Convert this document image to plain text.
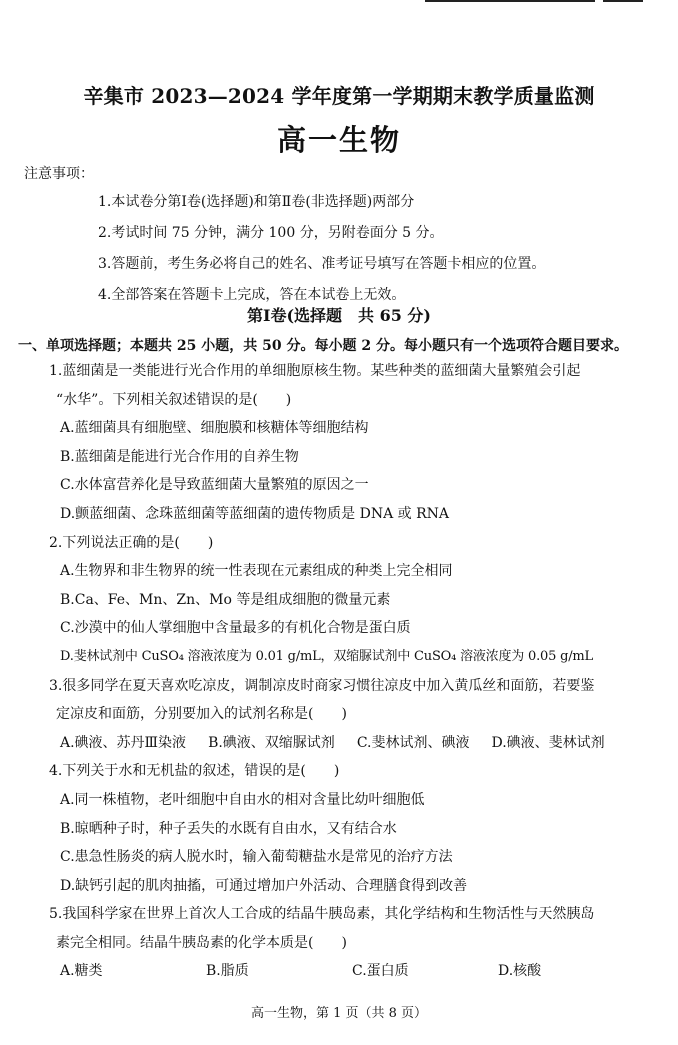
辛集市 2023—2024 学年度第一学期期末教学质量监测
高一生物
注意事项：
1.本试卷分第Ⅰ卷(选择题)和第Ⅱ卷(非选择题)两部分
2.考试时间 75 分钟，满分 100 分，另附卷面分 5 分。
3.答题前，考生务必将自己的姓名、准考证号填写在答题卡相应的位置。
4.全部答案在答题卡上完成，答在本试卷上无效。
第Ⅰ卷(选择题　共 65 分)
一、单项选择题；本题共 25 小题，共 50 分。每小题 2 分。每小题只有一个选项符合题目要求。
1.蓝细菌是一类能进行光合作用的单细胞原核生物。某些种类的蓝细菌大量繁殖会引起
“水华”。下列相关叙述错误的是(　　)
A.蓝细菌具有细胞壁、细胞膜和核糖体等细胞结构
B.蓝细菌是能进行光合作用的自养生物
C.水体富营养化是导致蓝细菌大量繁殖的原因之一
D.颤蓝细菌、念珠蓝细菌等蓝细菌的遗传物质是 DNA 或 RNA
2.下列说法正确的是(　　)
A.生物界和非生物界的统一性表现在元素组成的种类上完全相同
B.Ca、Fe、Mn、Zn、Mo 等是组成细胞的微量元素
C.沙漠中的仙人掌细胞中含量最多的有机化合物是蛋白质
D.斐林试剂中 CuSO₄ 溶液浓度为 0.01 g/mL，双缩脲试剂中 CuSO₄ 溶液浓度为 0.05 g/mL
3.很多同学在夏天喜欢吃凉皮，调制凉皮时商家习惯往凉皮中加入黄瓜丝和面筋，若要鉴
定凉皮和面筋，分别要加入的试剂名称是(　　)
A.碘液、苏丹Ⅲ染液 B.碘液、双缩脲试剂 C.斐林试剂、碘液 D.碘液、斐林试剂
4.下列关于水和无机盐的叙述，错误的是(　　)
A.同一株植物，老叶细胞中自由水的相对含量比幼叶细胞低
B.晾晒种子时，种子丢失的水既有自由水，又有结合水
C.患急性肠炎的病人脱水时，输入葡萄糖盐水是常见的治疗方法
D.缺钙引起的肌肉抽搐，可通过增加户外活动、合理膳食得到改善
5.我国科学家在世界上首次人工合成的结晶牛胰岛素，其化学结构和生物活性与天然胰岛
素完全相同。结晶牛胰岛素的化学本质是(　　)
A.糖类	B.脂质	C.蛋白质	D.核酸
高一生物，第 1 页（共 8 页）
